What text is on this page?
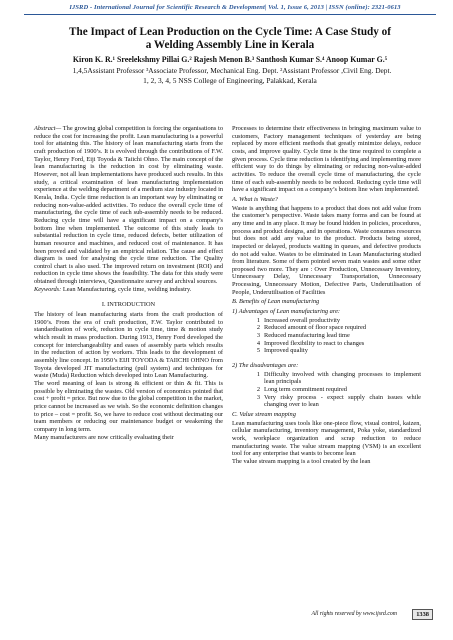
IJSRD - International Journal for Scientific Research & Development| Vol. 1, Issue 6, 2013 | ISSN (online): 2321-0613
The Impact of Lean Production on the Cycle Time: A Case Study of
a Welding Assembly Line in Kerala
Kiron K. R.¹ Sreelekshmy Pillai G.² Rajesh Menon B.³ Santhosh Kumar S.⁴ Anoop Kumar G.⁵
1,4,5Assistant Professor ³Associate Professor, Mechanical Eng. Dept. ²Assistant Professor ,Civil Eng. Dept.
1, 2, 3, 4, 5 NSS College of Engineering, Palakkad, Kerala

Abstract— The growing global competition is forcing the organisations to reduce the cost for increasing the profit. Lean manufacturing is a powerful tool for attaining this. The history of lean manufacturing starts from the craft production of 1900’s. It is evolved through the contributions of F.W. Taylor, Henry Ford, Eiji Toyoda & Taiichi Ohno. The main concept of the lean manufacturing is the reduction in cost by eliminating waste. However, not all lean implementations have produced such results. In this study, a critical examination of lean manufacturing implementation experience at the welding department of a medium size industry located in Kerala, India. Cycle time reduction is an important way by eliminating or reducing non-value-added activities. To reduce the overall cycle time of manufacturing, the cycle time of each sub-assembly needs to be reduced. Reducing cycle time will have a significant impact on a company's bottom line when implemented. The outcome of this study leads to substantial reduction in cycle time, reduced defects, better utilization of human resource and machines, and reduced cost of maintenance. It has been proved and validated by an empirical relation. The cause and effect diagram is used for analysing the cycle time reduction. The Quality control chart is also used. The improved return on investment (ROI) and reduction in cycle time shows the feasibility. The data for this study were obtained through interviews, Questionnaire survey and archival sources.

Keywords: Lean Manufacturing, cycle time, welding industry.

I. INTRODUCTION

The history of lean manufacturing starts from the craft production of 1900’s. From the era of craft production, F.W. Taylor contributed to standardisation of work, reduction in cycle time, time & motion study which result in mass production. During 1913, Henry Ford developed the concept for interchangeability and eases of assembly parts which results in the reduction of action by workers. This leads to the development of assembly line concept. In 1950’s EIJI TOYODA & TAIICHI OHNO from Toyota developed JIT manufacturing (pull system) and techniques for waste (Muda) Reduction which developed into Lean Manufacturing.

The word meaning of lean is strong & efficient or thin & fit. This is possible by eliminating the wastes. Old version of economics pointed that cost + profit = price. But now due to the global competition in the market, price cannot be increased as we wish. So the economic definition changes to price – cost = profit. So, we have to reduce cost without decimating our team members or reducing our maintenance budget or weakening the company in long term.

Many manufacturers are now critically evaluating their

Processes to determine their effectiveness in bringing maximum value to customers, Factory management techniques of yesterday are being replaced by more efficient methods that greatly minimize delays, reduce costs, and improve quality. Cycle time is the time required to complete a given process. Cycle time reduction is identifying and implementing more efficient way to do things by eliminating or reducing non-value-added activities. To reduce the overall cycle time of manufacturing, the cycle time of each sub-assembly needs to be reduced. Reducing cycle time will have a significant impact on a company’s bottom line when implemented.

A. What is Waste?

Waste is anything that happens to a product that does not add value from the customer’s perspective. Waste takes many forms and can be found at any time and in any place. It may be found hidden in policies, procedures, process and product designs, and in operations. Waste consumes resources but does not add any value to the product. Products being stored, inspected or delayed, products waiting in queues, and defective products do not add value. Wastes to be eliminated in Lean Manufacturing studied from literature. Some of them pointed seven main wastes and some other proposed two more. They are : Over Production, Unnecessary Inventory, Unnecessary Delay, Unnecessary Transportation, Unnecessary Processing, Unnecessary Motion, Defective Parts, Underutilisation of People, Underutilisation of Facilities

B. Benefits of Lean manufacturing

1) Advantages of Lean manufacturing are:

1 Increased overall productivity
2 Reduced amount of floor space required
3 Reduced manufacturing lead time
4 Improved flexibility to react to changes
5 Improved quality

2) The disadvantages are:

1 Difficulty involved with changing processes to implement lean principals
2 Long term commitment required
3 Very risky process - expect supply chain issues while changing over to lean

C. Value stream mapping

Lean manufacturing uses tools like one-piece flow, visual control, kaizen, cellular manufacturing, inventory management, Poka yoke, standardized work, workplace organization and scrap reduction to reduce manufacturing waste. The value stream mapping (VSM) is an excellent tool for any enterprise that wants to become lean

The value stream mapping is a tool created by the lean

All rights reserved by www.ijsrd.com	1338
